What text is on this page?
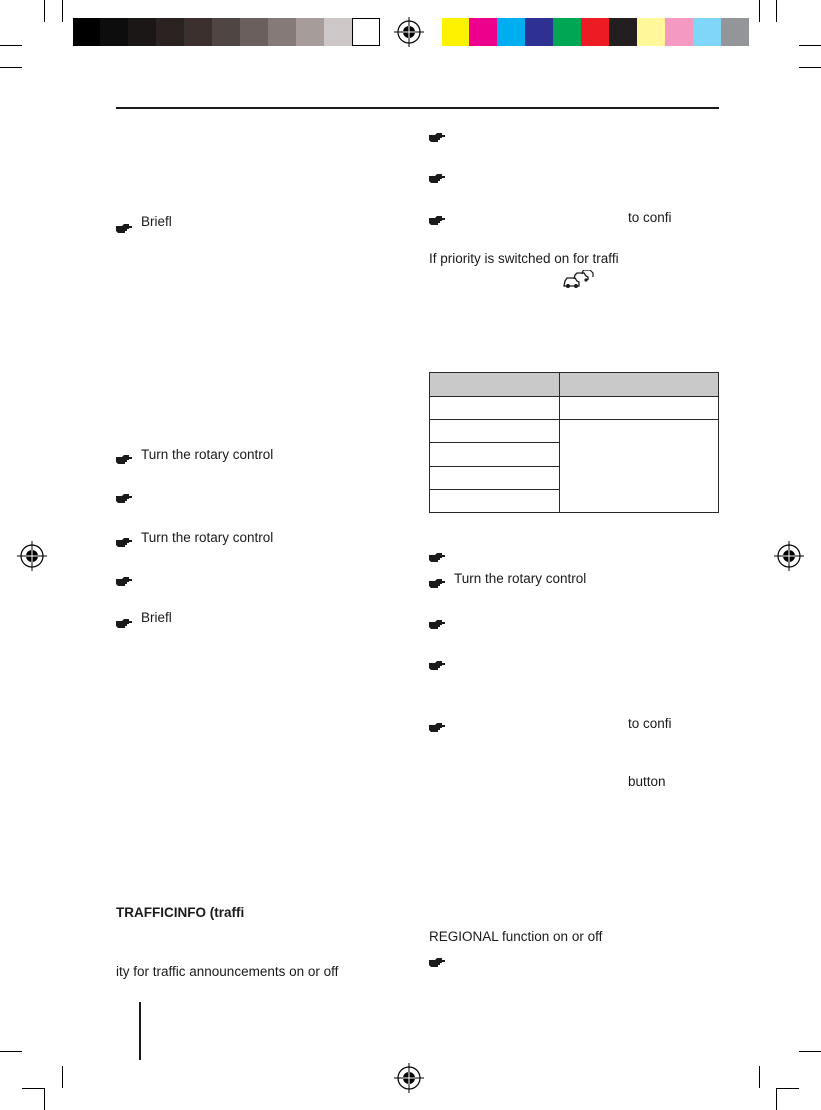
Briefl
Turn the rotary control
Turn the rotary control
Briefl
TRAFFICINFO (traffi
ity for traffic announcements on or off
to confi
If priority is switched on for traffi
Turn the rotary control
to confi
button
REGIONAL function on or off
